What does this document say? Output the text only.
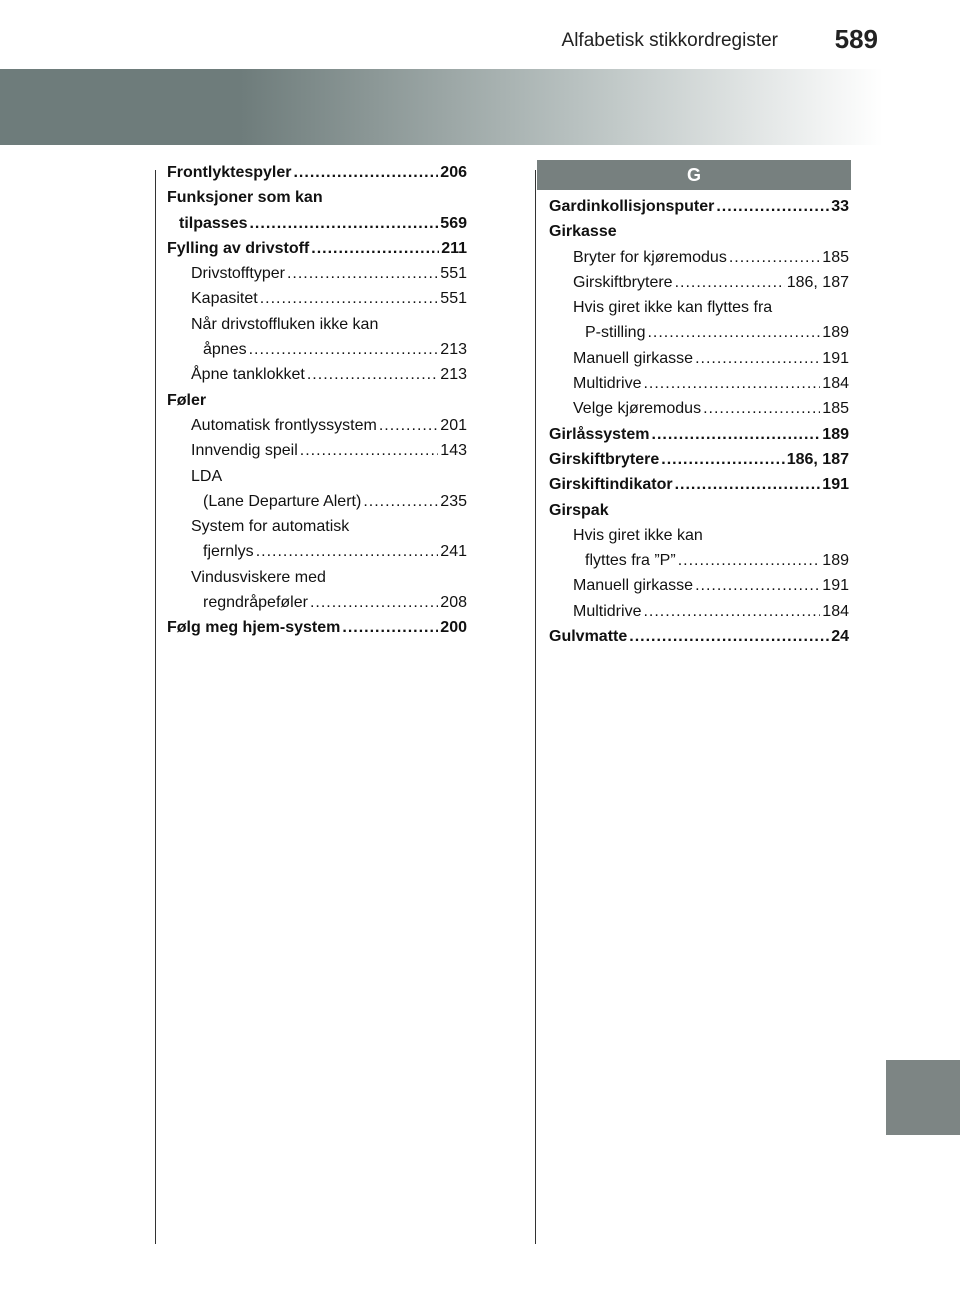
Alfabetisk stikkordregister 589
Frontlyktespyler .....	206
Funksjoner som kan
tilpasses .....	569
Fylling av drivstoff .....	211
Drivstofftyper .....	551
Kapasitet .....	551
Når drivstoffluken ikke kan
åpnes .....	213
Åpne tanklokket .....	213
Føler
Automatisk frontlyssystem .....	201
Innvendig speil .....	143
LDA
(Lane Departure Alert) .....	235
System for automatisk
fjernlys .....	241
Vindusviskere med
regndråpeføler .....	208
Følg meg hjem-system .....	200
G
Gardinkollisjonsputer .....	33
Girkasse
Bryter for kjøremodus .....	185
Girskiftbrytere .....	186, 187
Hvis giret ikke kan flyttes fra
P-stilling .....	189
Manuell girkasse .....	191
Multidrive .....	184
Velge kjøremodus .....	185
Girlåssystem .....	189
Girskiftbrytere .....	186, 187
Girskiftindikator .....	191
Girspak
Hvis giret ikke kan
flyttes fra ”P” .....	189
Manuell girkasse .....	191
Multidrive .....	184
Gulvmatte .....	24
